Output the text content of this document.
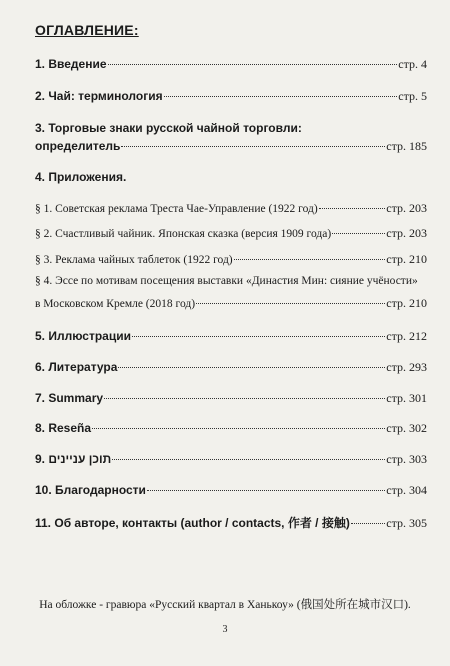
ОГЛАВЛЕНИЕ:
1. Введение	стр. 4
2. Чай: терминология	стр. 5
3. Торговые знаки русской чайной торговли:
определитель	стр. 185
4. Приложения.
§ 1. Советская реклама Треста Чае-Управление (1922 год)	стр. 203
§ 2. Счастливый чайник. Японская сказка (версия 1909 года)	стр. 203
§ 3. Реклама чайных таблеток (1922 год)	стр. 210
§ 4. Эссе по мотивам посещения выставки «Династия Мин: сияние учёности»
в Московском Кремле (2018 год)	стр. 210
5. Иллюстрации	стр. 212
6. Литература	стр. 293
7. Summary	стр. 301
8. Reseña	стр. 302
9. תוכן עניינים	стр. 303
10. Благодарности	стр. 304
11. Об авторе, контакты (author / contacts, 作者 / 接触)	стр. 305
На обложке - гравюра «Русский квартал в Ханькоу» (俄国处所在城市汉口).
3
